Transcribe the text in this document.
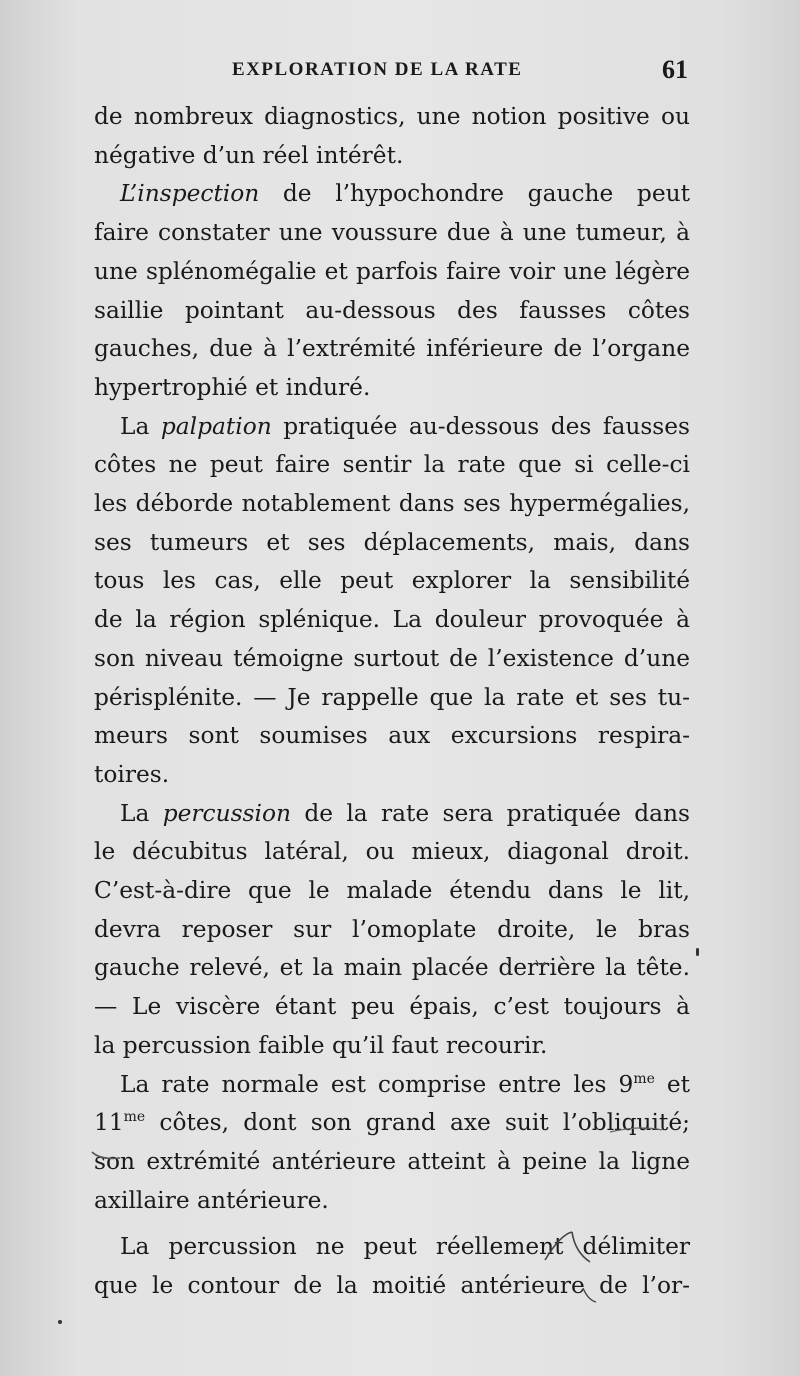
EXPLORATION DE LA RATE	61
de nombreux diagnostics, une notion positive ou
négative d’un réel intérêt.
L’inspection de l’hypochondre gauche peut
faire constater une voussure due à une tumeur, à
une splénomégalie et parfois faire voir une légère
saillie pointant au-dessous des fausses côtes
gauches, due à l’extrémité inférieure de l’organe
hypertrophié et induré.
La palpation pratiquée au-dessous des fausses
côtes ne peut faire sentir la rate que si celle-ci
les déborde notablement dans ses hypermégalies,
ses tumeurs et ses déplacements, mais, dans
tous les cas, elle peut explorer la sensibilité
de la région splénique. La douleur provoquée à
son niveau témoigne surtout de l’existence d’une
périsplénite. — Je rappelle que la rate et ses tu-
meurs sont soumises aux excursions respira-
toires.
La percussion de la rate sera pratiquée dans
le décubitus latéral, ou mieux, diagonal droit.
C’est-à-dire que le malade étendu dans le lit,
devra reposer sur l’omoplate droite, le bras
gauche relevé, et la main placée derrière la tête.
— Le viscère étant peu épais, c’est toujours à
la percussion faible qu’il faut recourir.
La rate normale est comprise entre les $9^{me}$ et
$11^{me}$ côtes, dont son grand axe suit l’obliquité;
son extrémité antérieure atteint à peine la ligne
axillaire antérieure.
La percussion ne peut réellement délimiter
que le contour de la moitié antérieure de l’or-
